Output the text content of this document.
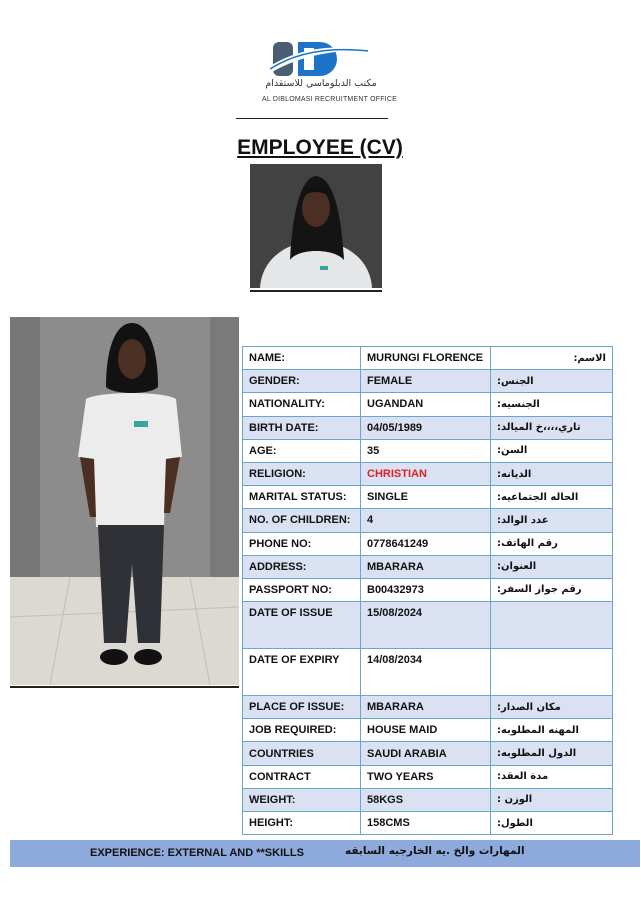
مكتب الدبلوماسي للاستقدام
AL DIBLOMASI RECRUITMENT OFFICE
EMPLOYEE (CV)
NAME:	MURUNGI FLORENCE	الاسم:
GENDER:	FEMALE	الجنس:
NATIONALITY:	UGANDAN	الجنسيه:
BIRTH DATE:	04/05/1989	تاري،،،،خ الميالد:
AGE:	35	السن:
RELIGION:	CHRISTIAN	الديانه:
MARITAL STATUS:	SINGLE	الحاله الجتماعيه:
NO. OF CHILDREN:	4	عدد الوالد:
PHONE NO:	0778641249	رقم الهاتف:
ADDRESS:	MBARARA	العنوان:
PASSPORT NO:	B00432973	رقم جواز السفر:
DATE OF ISSUE	15/08/2024	
DATE OF EXPIRY	14/08/2034	
PLACE OF ISSUE:	MBARARA	مكان الصدار:
JOB REQUIRED:	HOUSE MAID	المهنه المطلوبه:
COUNTRIES	SAUDI ARABIA	الدول المطلوبه:
CONTRACT	TWO YEARS	مدة العقد:
WEIGHT:	58KGS	الوزن :
HEIGHT:	158CMS	الطول:
EXPERIENCE: EXTERNAL AND **SKILLS	المهارات والخ .يه الخارجيه السابقه
